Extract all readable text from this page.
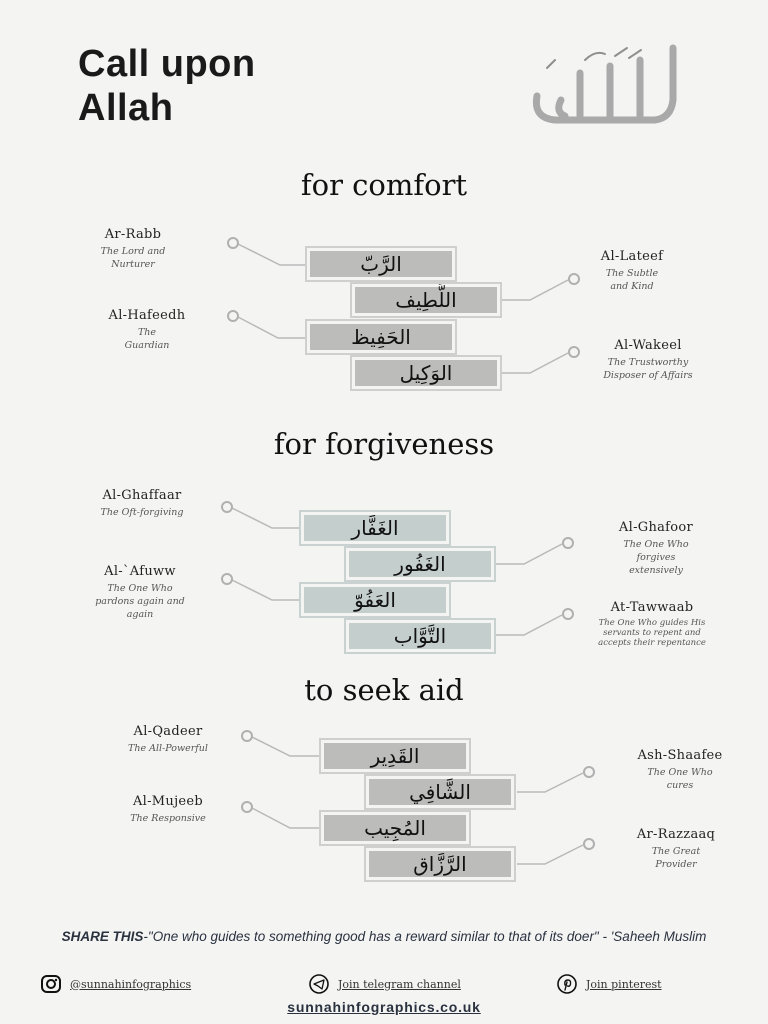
Call upon
Allah
for comfort
Ar-Rabb
The Lord and Nurturer
Al-Lateef
The Subtle and Kind
Al-Hafeedh
The Guardian	Al-Wakeel
The Trustworthy Disposer of Affairs
الرَّبّ
اللَّطِيف
الحَفِيظ
الوَكِيل
for forgiveness
Al-Ghaffaar
The Oft-forgiving
Al-Ghafoor
The One Who forgives extensively
Al-`Afuww
The One Who pardons again and again	At-Tawwaab
The One Who guides His servants to repent and accepts their repentance
الغَفَّار
الغَفُور
العَفُوّ
التَّوَّاب
to seek aid
Al-Qadeer
The All-Powerful	Ash-Shaafee
The One Who cures
Al-Mujeeb
The Responsive
Ar-Razzaaq
The Great Provider
القَدِير
الشَّافِي
المُجِيب
الرَّزَّاق
SHARE THIS-"One who guides to something good has a reward similar to that of its doer" - 'Saheeh Muslim
@sunnahinfographics	Join telegram channel	Join pinterest
sunnahinfographics.co.uk
